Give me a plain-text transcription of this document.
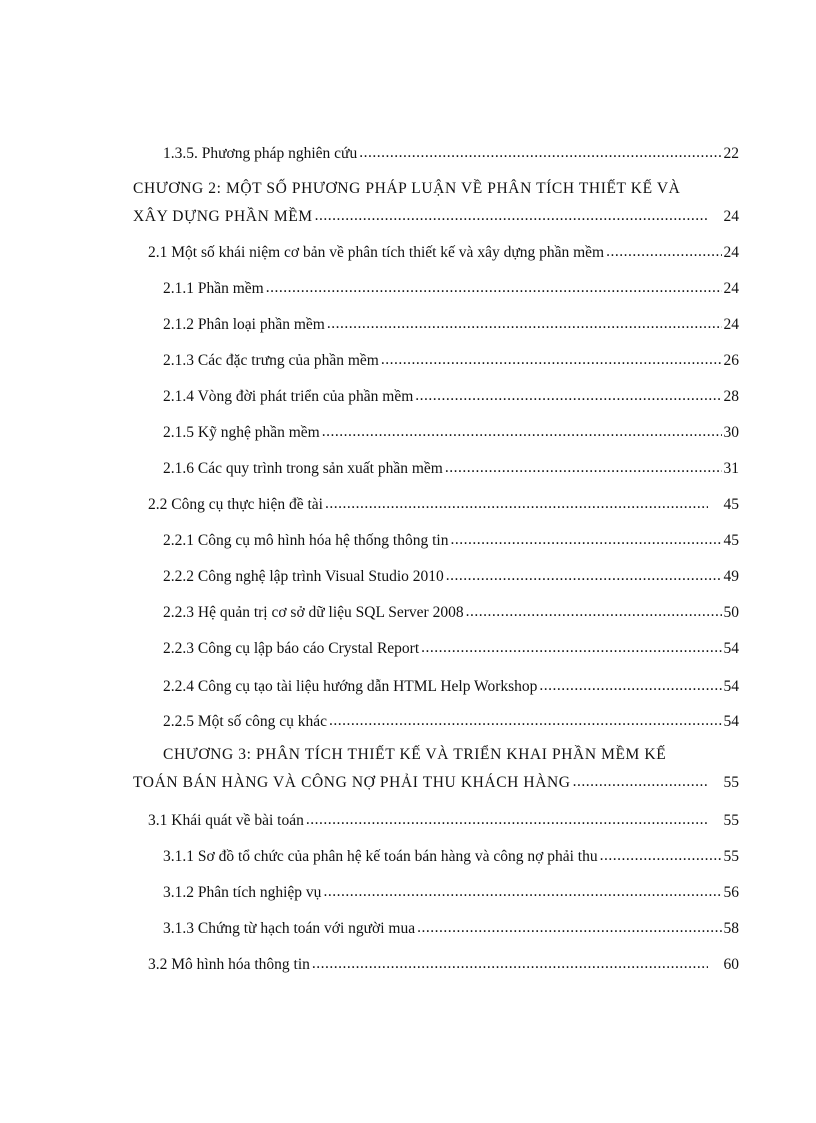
1.3.5. Phương pháp nghiên cứu .....	22
CHƯƠNG 2: MỘT SỐ PHƯƠNG PHÁP LUẬN VỀ PHÂN TÍCH THIẾT KẾ VÀ
XÂY DỰNG PHẦN MỀM .....	24
2.1 Một số khái niệm cơ bản về phân tích thiết kế và xây dựng phần mềm .....	24
2.1.1 Phần mềm .....	24
2.1.2 Phân loại phần mềm .....	24
2.1.3 Các đặc trưng của phần mềm .....	26
2.1.4 Vòng đời phát triển của phần mềm .....	28
2.1.5 Kỹ nghệ phần mềm .....	30
2.1.6 Các quy trình trong sản xuất phần mềm .....	31
2.2 Công cụ thực hiện đề tài .....	45
2.2.1 Công cụ mô hình hóa hệ thống thông tin .....	45
2.2.2 Công nghệ lập trình Visual Studio 2010 .....	49
2.2.3 Hệ quản trị cơ sở dữ liệu SQL Server 2008 .....	50
2.2.3 Công cụ lập báo cáo Crystal Report .....	54
2.2.4 Công cụ tạo tài liệu hướng dẫn HTML Help Workshop .....	54
2.2.5 Một số công cụ khác .....	54
CHƯƠNG 3: PHÂN TÍCH THIẾT KẾ VÀ TRIỂN KHAI PHẦN MỀM KẾ
TOÁN BÁN HÀNG VÀ CÔNG NỢ PHẢI THU KHÁCH HÀNG .....	55
3.1 Khái quát về bài toán .....	55
3.1.1 Sơ đồ tổ chức của phân hệ kế toán bán hàng và công nợ phải thu .....	55
3.1.2 Phân tích nghiệp vụ .....	56
3.1.3 Chứng từ hạch toán với người mua .....	58
3.2 Mô hình hóa thông tin .....	60
